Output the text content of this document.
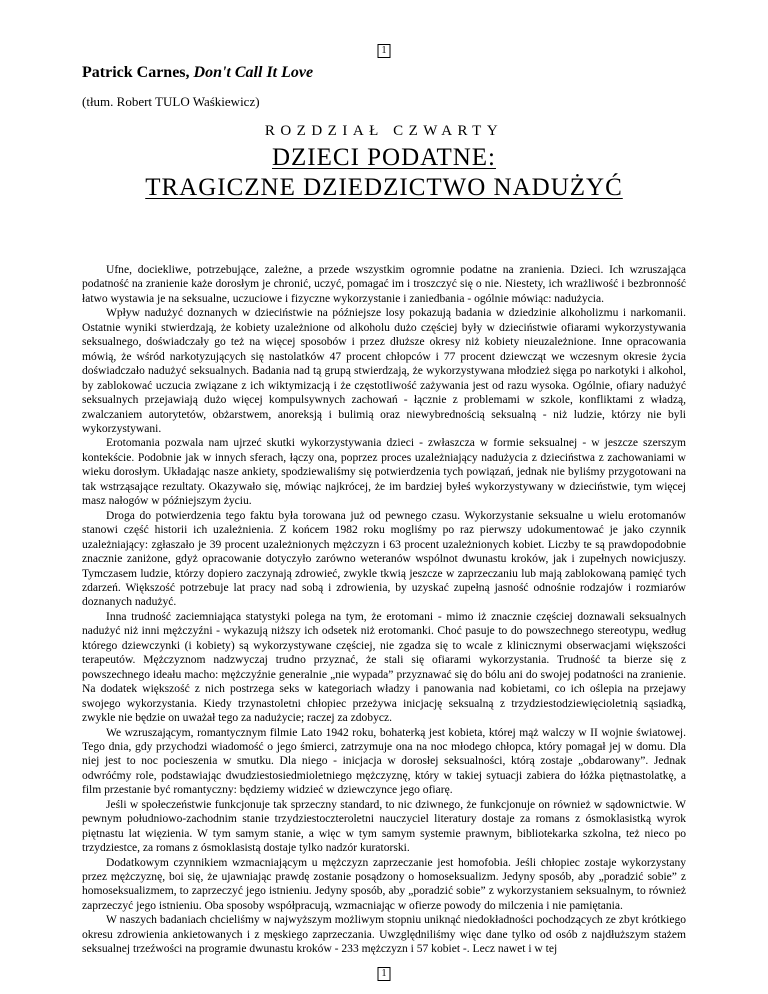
1
Patrick Carnes, Don't Call It Love
(tłum. Robert TULO Waśkiewicz)
ROZDZIAŁ CZWARTY
DZIECI PODATNE:
TRAGICZNE DZIEDZICTWO NADUŻYĆ

Ufne, dociekliwe, potrzebujące, zależne, a przede wszystkim ogromnie podatne na zranienia. Dzieci. Ich wzruszająca podatność na zranienie każe dorosłym je chronić, uczyć, pomagać im i troszczyć się o nie. Niestety, ich wrażliwość i bezbronność łatwo wystawia je na seksualne, uczuciowe i fizyczne wykorzystanie i zaniedbania - ogólnie mówiąc: nadużycia.

Wpływ nadużyć doznanych w dzieciństwie na późniejsze losy pokazują badania w dziedzinie alkoholizmu i narkomanii. Ostatnie wyniki stwierdzają, że kobiety uzależnione od alkoholu dużo częściej były w dzieciństwie ofiarami wykorzystywania seksualnego, doświadczały go też na więcej sposobów i przez dłuższe okresy niż kobiety nieuzależnione. Inne opracowania mówią, że wśród narkotyzujących się nastolatków 47 procent chłopców i 77 procent dziewcząt we wczesnym okresie życia doświadczało nadużyć seksualnych. Badania nad tą grupą stwierdzają, że wykorzystywana młodzież sięga po narkotyki i alkohol, by zablokować uczucia związane z ich wiktymizacją i że częstotliwość zażywania jest od razu wysoka. Ogólnie, ofiary nadużyć seksualnych przejawiają dużo więcej kompulsywnych zachowań - łącznie z problemami w szkole, konfliktami z władzą, zwalczaniem autorytetów, obżarstwem, anoreksją i bulimią oraz niewybrednością seksualną - niż ludzie, którzy nie byli wykorzystywani.

Erotomania pozwala nam ujrzeć skutki wykorzystywania dzieci - zwłaszcza w formie seksualnej - w jeszcze szerszym kontekście. Podobnie jak w innych sferach, łączy ona, poprzez proces uzależniający nadużycia z dzieciństwa z zachowaniami w wieku dorosłym. Układając nasze ankiety, spodziewaliśmy się potwierdzenia tych powiązań, jednak nie byliśmy przygotowani na tak wstrząsające rezultaty. Okazywało się, mówiąc najkrócej, że im bardziej byłeś wykorzystywany w dzieciństwie, tym więcej masz nałogów w późniejszym życiu.

Droga do potwierdzenia tego faktu była torowana już od pewnego czasu. Wykorzystanie seksualne u wielu erotomanów stanowi część historii ich uzależnienia. Z końcem 1982 roku mogliśmy po raz pierwszy udokumentować je jako czynnik uzależniający: zgłaszało je 39 procent uzależnionych mężczyzn i 63 procent uzależnionych kobiet. Liczby te są prawdopodobnie znacznie zaniżone, gdyż opracowanie dotyczyło zarówno weteranów wspólnot dwunastu kroków, jak i zupełnych nowicjuszy. Tymczasem ludzie, którzy dopiero zaczynają zdrowieć, zwykle tkwią jeszcze w zaprzeczaniu lub mają zablokowaną pamięć tych zdarzeń. Większość potrzebuje lat pracy nad sobą i zdrowienia, by uzyskać zupełną jasność odnośnie rodzajów i rozmiarów doznanych nadużyć.

Inna trudność zaciemniająca statystyki polega na tym, że erotomani - mimo iż znacznie częściej doznawali seksualnych nadużyć niż inni mężczyźni - wykazują niższy ich odsetek niż erotomanki. Choć pasuje to do powszechnego stereotypu, według którego dziewczynki (i kobiety) są wykorzystywane częściej, nie zgadza się to wcale z klinicznymi obserwacjami większości terapeutów. Mężczyznom nadzwyczaj trudno przyznać, że stali się ofiarami wykorzystania. Trudność ta bierze się z powszechnego ideału macho: mężczyźnie generalnie „nie wypada” przyznawać się do bólu ani do swojej podatności na zranienie. Na dodatek większość z nich postrzega seks w kategoriach władzy i panowania nad kobietami, co ich oślepia na przejawy swojego wykorzystania. Kiedy trzynastoletni chłopiec przeżywa inicjację seksualną z trzydziestodziewięcioletnią sąsiadką, zwykle nie będzie on uważał tego za nadużycie; raczej za zdobycz.

We wzruszającym, romantycznym filmie Lato 1942 roku, bohaterką jest kobieta, której mąż walczy w II wojnie światowej. Tego dnia, gdy przychodzi wiadomość o jego śmierci, zatrzymuje ona na noc młodego chłopca, który pomagał jej w domu. Dla niej jest to noc pocieszenia w smutku. Dla niego - inicjacja w dorosłej seksualności, którą zostaje „obdarowany”. Jednak odwróćmy role, podstawiając dwudziestosiedmioletniego mężczyznę, który w takiej sytuacji zabiera do łóżka piętnastolatkę, a film przestanie być romantyczny: będziemy widzieć w dziewczynce jego ofiarę.

Jeśli w społeczeństwie funkcjonuje tak sprzeczny standard, to nic dziwnego, że funkcjonuje on również w sądownictwie. W pewnym południowo-zachodnim stanie trzydziestoczteroletni nauczyciel literatury dostaje za romans z ósmoklasistką wyrok piętnastu lat więzienia. W tym samym stanie, a więc w tym samym systemie prawnym, bibliotekarka szkolna, też nieco po trzydziestce, za romans z ósmoklasistą dostaje tylko nadzór kuratorski.

Dodatkowym czynnikiem wzmacniającym u mężczyzn zaprzeczanie jest homofobia. Jeśli chłopiec zostaje wykorzystany przez mężczyznę, boi się, że ujawniając prawdę zostanie posądzony o homoseksualizm. Jedyny sposób, aby „poradzić sobie” z homoseksualizmem, to zaprzeczyć jego istnieniu. Jedyny sposób, aby „poradzić sobie” z wykorzystaniem seksualnym, to również zaprzeczyć jego istnieniu. Oba sposoby współpracują, wzmacniając w ofierze powody do milczenia i nie pamiętania.

W naszych badaniach chcieliśmy w najwyższym możliwym stopniu uniknąć niedokładności pochodzących ze zbyt krótkiego okresu zdrowienia ankietowanych i z męskiego zaprzeczania. Uwzględniliśmy więc dane tylko od osób z najdłuższym stażem seksualnej trzeźwości na programie dwunastu kroków - 233 mężczyzn i 57 kobiet -. Lecz nawet i w tej

1
